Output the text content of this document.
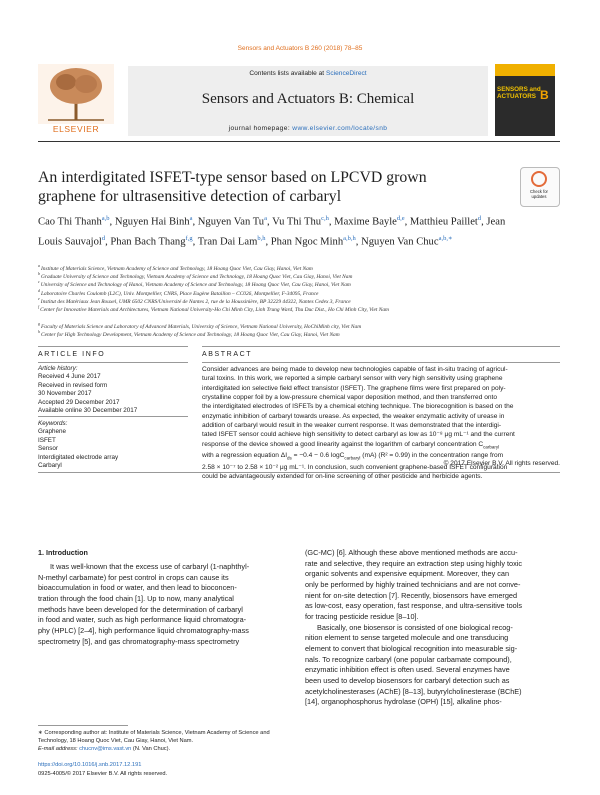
Sensors and Actuators B 260 (2018) 78–85
ELSEVIER
Contents lists available at ScienceDirect
Sensors and Actuators B: Chemical
journal homepage: www.elsevier.com/locate/snb
SENSORS and ACTUATORS B
An interdigitated ISFET-type sensor based on LPCVD grown graphene for ultrasensitive detection of carbaryl	Check for
updates
Cao Thi Thanh$^{a,b}$, Nguyen Hai Binh$^a$, Nguyen Van Tu$^a$, Vu Thi Thu$^{c,h}$, Maxime Bayle$^{d,e}$, Matthieu Paillet$^d$, Jean Louis Sauvajol$^d$, Phan Bach Thang$^{f,g}$, Tran Dai Lam$^{b,h}$, Phan Ngoc Minh$^{a,b,h}$, Nguyen Van Chuc$^{a,b,∗}$
$^a$ Institute of Materials Science, Vietnam Academy of Science and Technology, 18 Hoang Quoc Viet, Cau Giay, Hanoi, Viet Nam
$^b$ Graduate University of Science and Technology, Vietnam Academy of Science and Technology, 18 Hoang Quoc Viet, Cau Giay, Hanoi, Viet Nam
$^c$ University of Science and Technology of Hanoi, Vietnam Academy of Science and Technology, 18 Hoang Quoc Viet, Cau Giay, Hanoi, Viet Nam
$^d$ Laboratoire Charles Coulomb (L2C), Univ. Montpellier, CNRS, Place Eugène Bataillon – CC026, Montpellier, F-34095, France
$^e$ Institut des Matériaux Jean Rouxel, UMR 6502 CNRS/Université de Nantes 2, rue de la Houssinière, BP 32229 44322, Nantes Cedex 3, France
$^f$ Center for Innovative Materials and Architectures, Vietnam National University-Ho Chi Minh City, Linh Trung Ward, Thu Duc Dist., Ho Chi Minh City, Viet Nam
$^g$ Faculty of Materials Science and Laboratory of Advanced Materials, University of Science, Vietnam National University, HoChiMinh city, Viet Nam
$^h$ Center for High Technology Development, Vietnam Academy of Science and Technology, 18 Hoang Quoc Viet, Cau Giay, Hanoi, Viet Nam
ARTICLE INFO
Article history:
Received 4 June 2017
Received in revised form
30 November 2017
Accepted 29 December 2017
Available online 30 December 2017
Keywords:
Graphene
ISFET
Sensor
Interdigitated electrode array
Carbaryl
ABSTRACT
Consider advances are being made to develop new technologies capable of fast in-situ tracing of agricul-
tural toxins. In this work, we reported a simple carbaryl sensor with very high sensitivity using graphene
interdigitated ion selective field effect transistor (ISFET). The graphene films were first prepared on poly-
crystalline copper foil by a low-pressure chemical vapor deposition method, and then transferred onto
the interdigitated electrodes of ISFETs by a chemical etching technique. The biorecognition is based on the
enzymatic inhibition of carbaryl towards urease. As expected, the weaker enzymatic activity of urease in
addition of carbaryl would result in the weaker current response. It was demonstrated that the interdigi-
tated ISFET sensor could achieve high sensitivity to detect carbaryl as low as 10⁻⁸ μg mL⁻¹ and the current
response of the device showed a good linearity against the logarithm of carbaryl concentration $C_{carbaryl}$
with a regression equation $\Delta I_{ds} = -0.4 - 0.6$ logC$_{carbaryl}$ (mA) (R² = 0.99) in the concentration range from
2.58 × 10⁻⁷ to 2.58 × 10⁻² μg mL⁻¹. In conclusion, such convenient graphene-based ISFET configuration
could be advantageously extended for on-line screening of other pesticide and herbicide agents.
© 2017 Elsevier B.V. All rights reserved.
1. Introduction
It was well-known that the excess use of carbaryl (1-naphthyl-
N-methyl carbamate) for pest control in crops can cause its
bioaccumulation in food or water, and then lead to bioconcen-
tration through the food chain [1]. Up to now, many analytical
methods have been developed for the determination of carbaryl
in food and water, such as high performance liquid chromatogra-
phy (HPLC) [2–4], high performance liquid chromatography-mass
spectrometry [5], and gas chromatography-mass spectrometry
(GC-MC) [6]. Although these above mentioned methods are accu-
rate and selective, they require an extraction step using highly toxic
organic solvents and expensive equipment. Moreover, they can
only be performed by highly trained technicians and are not conve-
nient for on-site detection [7]. Recently, biosensors have emerged
as low-cost, easy operation, fast response, and ultra-sensitive tools
for tracing pesticide residue [8–10].
Basically, one biosensor is consisted of one biological recog-
nition element to sense targeted molecule and one transducing
element to convert that biological recognition into measurable sig-
nals. To recognize carbaryl (one popular carbamate compound),
enzymatic inhibition effect is often used. Several enzymes have
been used to develop biosensors for carbaryl detection such as
acetylcholinesterases (AChE) [8–13], butyrylcholinesterase (BChE)
[14], organophosphorus hydrolase (OPH) [15], alkaline phos-
∗ Corresponding author at: Institute of Materials Science, Vietnam Academy of Science and Technology, 18 Hoang Quoc Viet, Cau Giay, Hanoi, Viet Nam.
E-mail address: chucnv@ims.vast.vn (N. Van Chuc).
https://doi.org/10.1016/j.snb.2017.12.191
0925-4005/© 2017 Elsevier B.V. All rights reserved.
